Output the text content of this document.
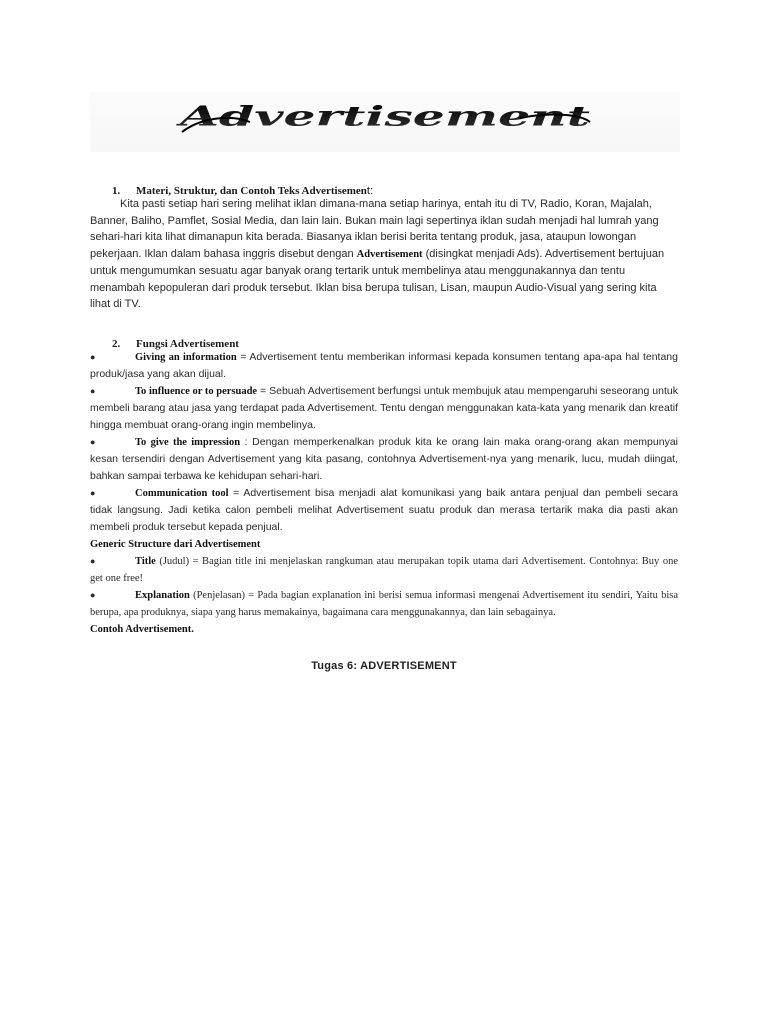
Advertisement
1. Materi, Struktur, dan Contoh Teks Advertisement:
Kita pasti setiap hari sering melihat iklan dimana-mana setiap harinya, entah itu di TV, Radio, Koran, Majalah, Banner, Baliho, Pamflet, Sosial Media, dan lain lain. Bukan main lagi sepertinya iklan sudah menjadi hal lumrah yang sehari-hari kita lihat dimanapun kita berada. Biasanya iklan berisi berita tentang produk, jasa, ataupun lowongan pekerjaan. Iklan dalam bahasa inggris disebut dengan Advertisement (disingkat menjadi Ads). Advertisement bertujuan untuk mengumumkan sesuatu agar banyak orang tertarik untuk membelinya atau menggunakannya dan tentu menambah kepopuleran dari produk tersebut. Iklan bisa berupa tulisan, Lisan, maupun Audio-Visual yang sering kita lihat di TV.
2. Fungsi Advertisement
●	Giving an information = Advertisement tentu memberikan informasi kepada konsumen tentang apa-apa hal tentang produk/jasa yang akan dijual.
●	To influence or to persuade = Sebuah Advertisement berfungsi untuk membujuk atau mempengaruhi seseorang untuk membeli barang atau jasa yang terdapat pada Advertisement. Tentu dengan menggunakan kata-kata yang menarik dan kreatif hingga membuat orang-orang ingin membelinya.
●	To give the impression : Dengan memperkenalkan produk kita ke orang lain maka orang-orang akan mempunyai kesan tersendiri dengan Advertisement yang kita pasang, contohnya Advertisement-nya yang menarik, lucu, mudah diingat, bahkan sampai terbawa ke kehidupan sehari-hari.
●	Communication tool = Advertisement bisa menjadi alat komunikasi yang baik antara penjual dan pembeli secara tidak langsung. Jadi ketika calon pembeli melihat Advertisement suatu produk dan merasa tertarik maka dia pasti akan membeli produk tersebut kepada penjual.
Generic Structure dari Advertisement
●	Title (Judul) = Bagian title ini menjelaskan rangkuman atau merupakan topik utama dari Advertisement. Contohnya: Buy one get one free!
●	Explanation (Penjelasan) = Pada bagian explanation ini berisi semua informasi mengenai Advertisement itu sendiri, Yaitu bisa berupa, apa produknya, siapa yang harus memakainya, bagaimana cara menggunakannya, dan lain sebagainya.
Contoh Advertisement.
Tugas 6: ADVERTISEMENT
